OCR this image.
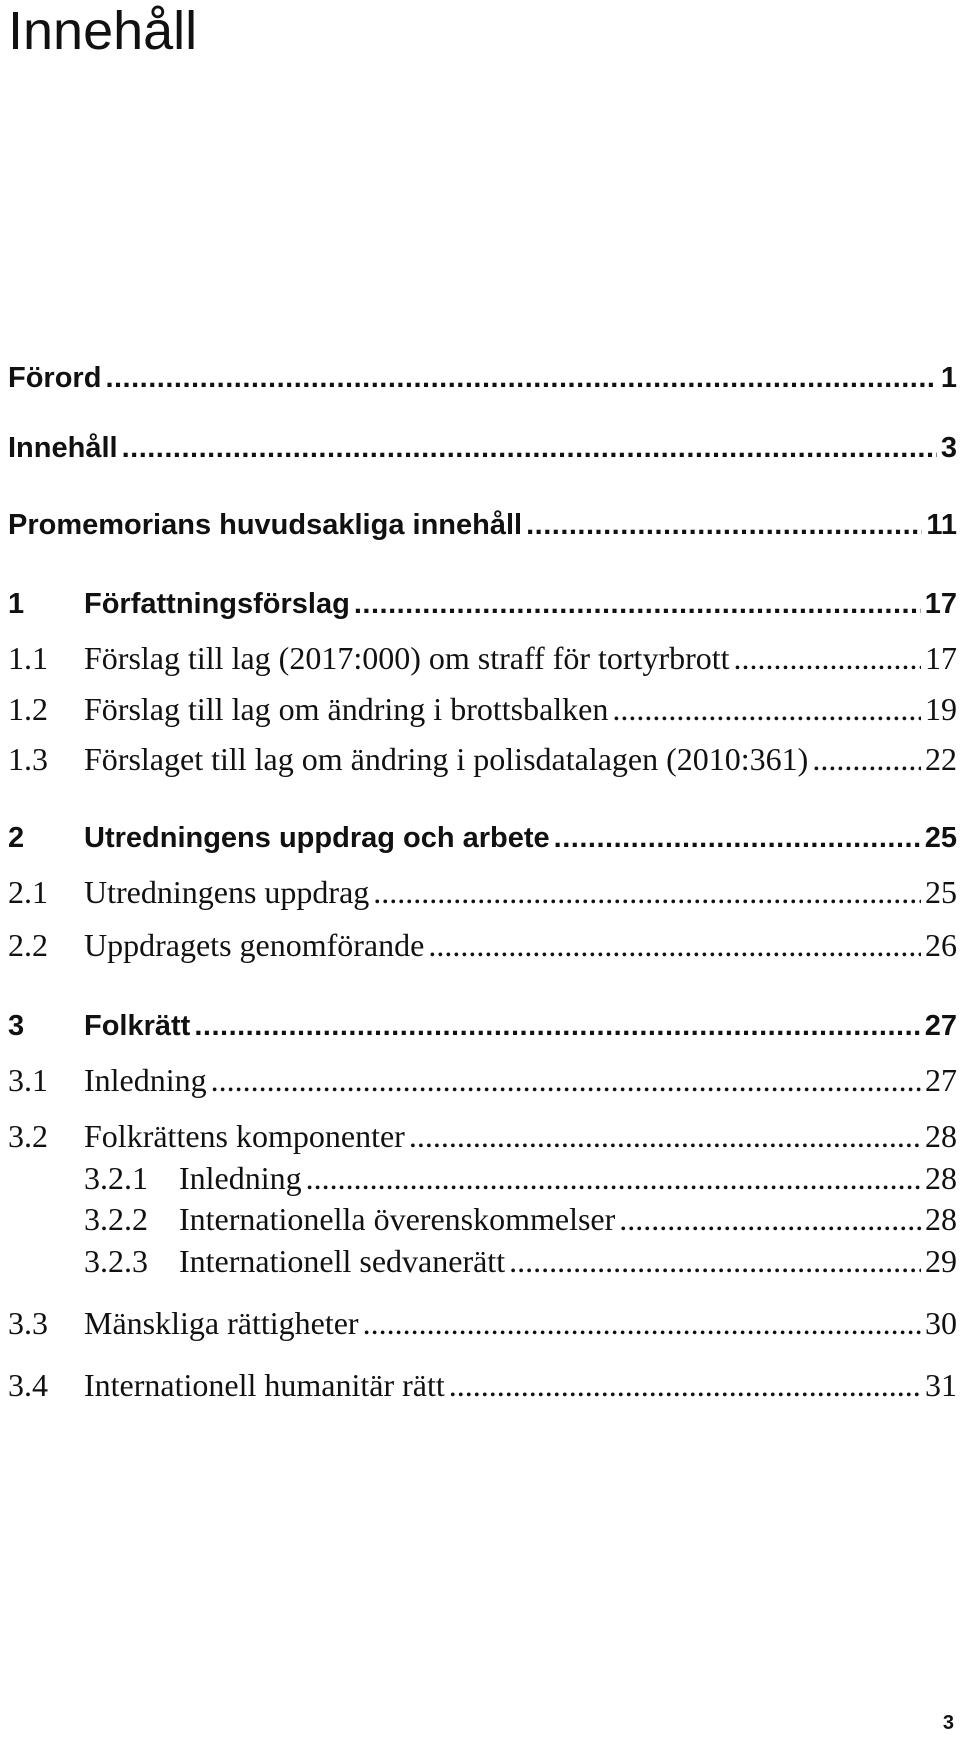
Innehåll
Förord .....	1
Innehåll .....	3
Promemorians huvudsakliga innehåll .....	11
1	Författningsförslag .....	17
1.1	Förslag till lag (2017:000) om straff för tortyrbrott .....	17
1.2	Förslag till lag om ändring i brottsbalken .....	19
1.3	Förslaget till lag om ändring i polisdatalagen (2010:361) .....	22
2	Utredningens uppdrag och arbete .....	25
2.1	Utredningens uppdrag .....	25
2.2	Uppdragets genomförande .....	26
3	Folkrätt .....	27
3.1	Inledning .....	27
3.2	Folkrättens komponenter .....	28
3.2.1 Inledning .....	28
3.2.2 Internationella överenskommelser .....	28
3.2.3 Internationell sedvanerätt .....	29
3.3	Mänskliga rättigheter .....	30
3.4	Internationell humanitär rätt .....	31
3
